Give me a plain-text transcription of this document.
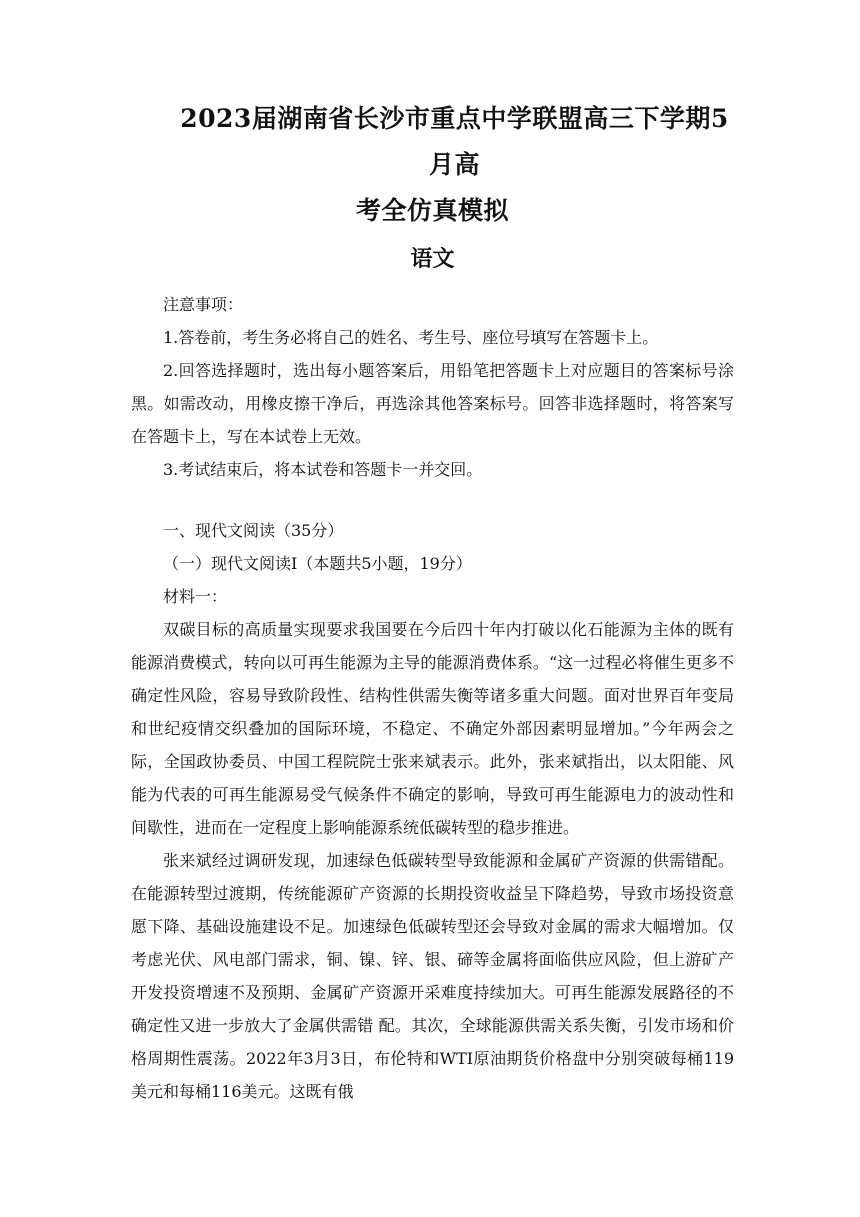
2023届湖南省长沙市重点中学联盟高三下学期5月高
考全仿真模拟
语文

注意事项：

1.答卷前，考生务必将自己的姓名、考生号、座位号填写在答题卡上。

2.回答选择题时，选出每小题答案后，用铅笔把答题卡上对应题目的答案标号涂黑。如需改动，用橡皮擦干净后，再选涂其他答案标号。回答非选择题时，将答案写在答题卡上，写在本试卷上无效。

3.考试结束后，将本试卷和答题卡一并交回。

一、现代文阅读（35分）

（一）现代文阅读I（本题共5小题，19分）

材料一：

双碳目标的高质量实现要求我国要在今后四十年内打破以化石能源为主体的既有能源消费模式，转向以可再生能源为主导的能源消费体系。“这一过程必将催生更多不确定性风险，容易导致阶段性、结构性供需失衡等诸多重大问题。面对世界百年变局和世纪疫情交织叠加的国际环境，不稳定、不确定外部因素明显增加。”今年两会之际，全国政协委员、中国工程院院士张来斌表示。此外，张来斌指出，以太阳能、风能为代表的可再生能源易受气候条件不确定的影响，导致可再生能源电力的波动性和间歇性，进而在一定程度上影响能源系统低碳转型的稳步推进。

张来斌经过调研发现，加速绿色低碳转型导致能源和金属矿产资源的供需错配。在能源转型过渡期，传统能源矿产资源的长期投资收益呈下降趋势，导致市场投资意愿下降、基础设施建设不足。加速绿色低碳转型还会导致对金属的需求大幅增加。仅考虑光伏、风电部门需求，铜、镍、锌、银、碲等金属将面临供应风险，但上游矿产开发投资增速不及预期、金属矿产资源开采难度持续加大。可再生能源发展路径的不确定性又进一步放大了金属供需错 配。其次，全球能源供需关系失衡，引发市场和价格周期性震荡。2022年3月3日，布伦特和WTI原油期货价格盘中分别突破每桶119美元和每桶116美元。这既有俄
